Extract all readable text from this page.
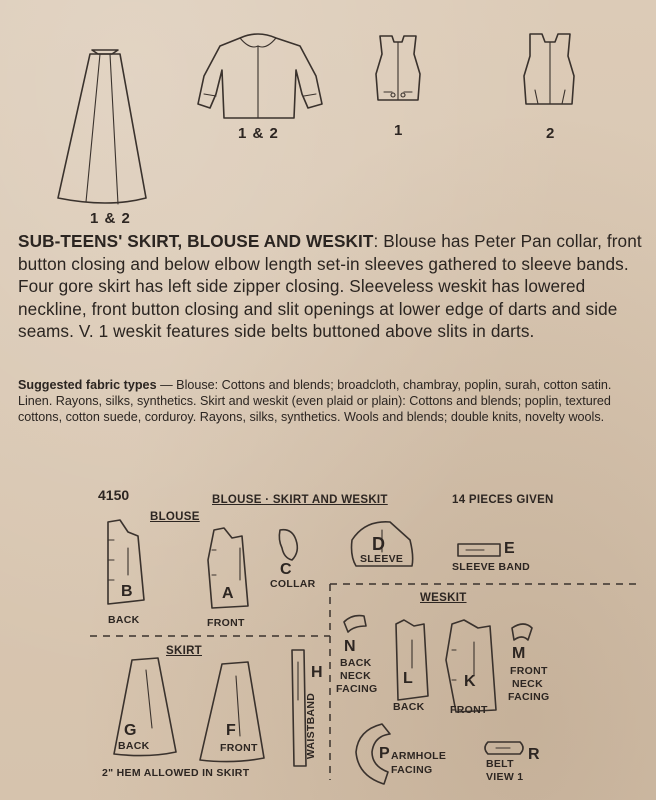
1 & 2
1 & 2	1	2
SUB-TEENS' SKIRT, BLOUSE AND WESKIT: Blouse has Peter Pan collar, front button closing and below elbow length set-in sleeves gathered to sleeve bands. Four gore skirt has left side zipper closing. Sleeveless weskit has lowered neckline, front button closing and slit openings at lower edge of darts and side seams. V. 1 weskit features side belts buttoned above slits in darts.
Suggested fabric types — Blouse: Cottons and blends; broadcloth, chambray, poplin, surah, cotton satin. Linen. Rayons, silks, synthetics. Skirt and weskit (even plaid or plain): Cottons and blends; poplin, textured cottons, cotton suede, corduroy. Rayons, silks, synthetics. Wools and blends; double knits, novelty wools.
4150	BLOUSE · SKIRT AND WESKIT	14 PIECES GIVEN
BLOUSE
SKIRT
WESKIT
B
BACK
A
FRONT
C
COLLAR
D
SLEEVE
E
SLEEVE BAND
N
BACK
NECK
FACING
L
BACK
K
FRONT
M
FRONT
NECK
FACING
P ARMHOLE
FACING
R
BELT
VIEW 1
G
BACK
F
FRONT
H
WAISTBAND
2" HEM ALLOWED IN SKIRT
